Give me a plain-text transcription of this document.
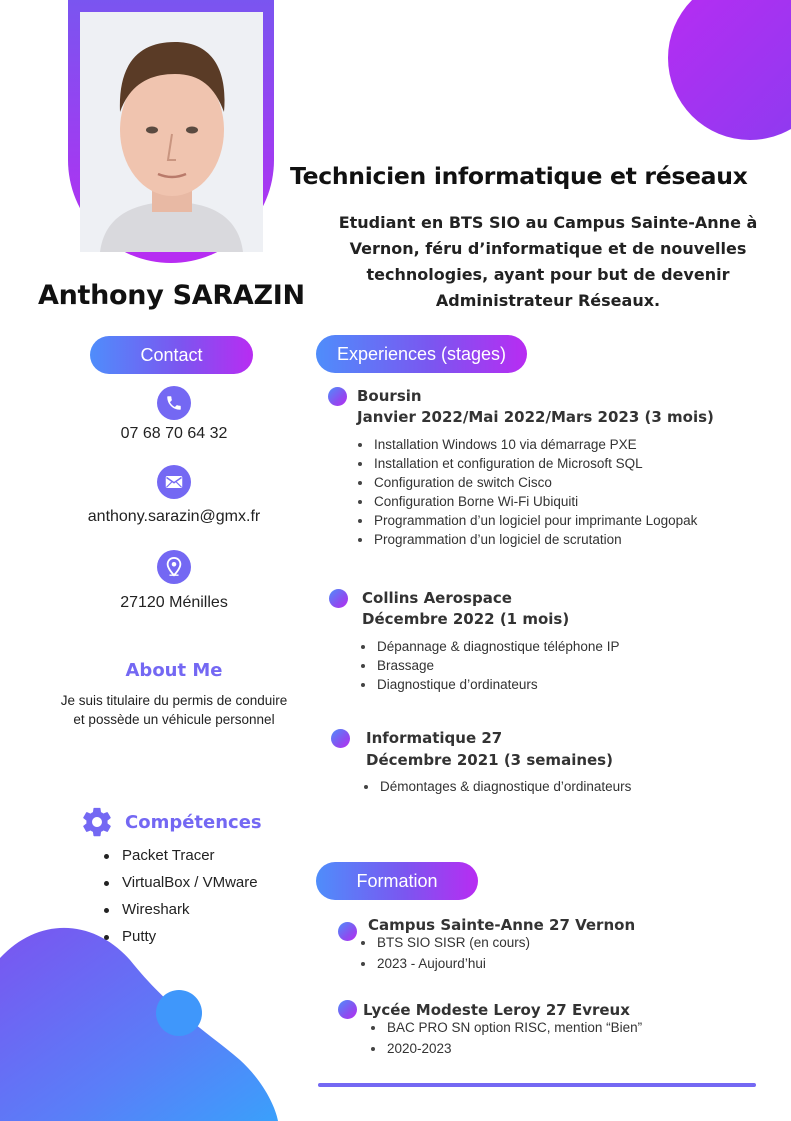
Anthony SARAZIN
Technicien informatique et réseaux
Etudiant en BTS SIO au Campus Sainte-Anne à Vernon, féru d’informatique et de nouvelles technologies, ayant pour but de devenir Administrateur Réseaux.
Contact
07 68 70 64 32
anthony.sarazin@gmx.fr
27120 Ménilles
About Me
Je suis titulaire du permis de conduire et possède un véhicule personnel
Compétences
Packet Tracer
VirtualBox / VMware
Wireshark
Putty
Experiences (stages)
Boursin
Janvier 2022/Mai 2022/Mars 2023 (3 mois)
Installation Windows 10 via démarrage PXE
Installation et configuration de Microsoft SQL
Configuration de switch Cisco
Configuration Borne Wi-Fi Ubiquiti
Programmation d’un logiciel pour imprimante Logopak
Programmation d’un logiciel de scrutation
Collins Aerospace
Décembre 2022 (1 mois)
Dépannage & diagnostique téléphone IP
Brassage
Diagnostique d’ordinateurs
Informatique 27
Décembre 2021 (3 semaines)
Démontages & diagnostique d’ordinateurs
Formation
Campus Sainte-Anne 27 Vernon
BTS SIO SISR (en cours)
2023 - Aujourd’hui
Lycée Modeste Leroy 27 Evreux
BAC PRO SN option RISC, mention “Bien”
2020-2023
